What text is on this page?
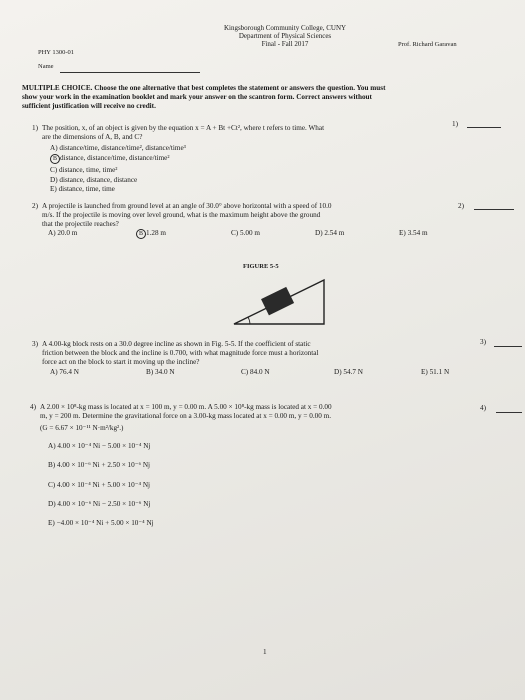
Kingsborough Community College, CUNY
Department of Physical Sciences
Final - Fall 2017
PHY 1300-01
Prof. Richard Garavan
Name
MULTIPLE CHOICE. Choose the one alternative that best completes the statement or answers the question. You must
show your work in the examination booklet and mark your answer on the scantron form. Correct answers without
sufficient justification will receive no credit.
1) The position, x, of an object is given by the equation x = A + Bt +Ct², where t refers to time. What
are the dimensions of A, B, and C?
1)
A) distance/time, distance/time², distance/time³
B distance, distance/time, distance/time²
C) distance, time, time²
D) distance, distance, distance
E) distance, time, time
2) A projectile is launched from ground level at an angle of 30.0° above horizontal with a speed of 10.0
m/s. If the projectile is moving over level ground, what is the maximum height above the ground
that the projectile reaches?
2)
A) 20.0 m	B 1.28 m	C) 5.00 m	D) 2.54 m	E) 3.54 m
FIGURE 5-5
3) A 4.00-kg block rests on a 30.0 degree incline as shown in Fig. 5-5. If the coefficient of static
friction between the block and the incline is 0.700, with what magnitude force must a horizontal
force act on the block to start it moving up the incline?
3)
A) 76.4 N	B) 34.0 N	C) 84.0 N	D) 54.7 N	E) 51.1 N
4) A 2.00 × 10⁸-kg mass is located at x = 100 m, y = 0.00 m. A 5.00 × 10⁸-kg mass is located at x = 0.00
m, y = 200 m. Determine the gravitational force on a 3.00-kg mass located at x = 0.00 m, y = 0.00 m.
(G = 6.67 × 10⁻¹¹ N·m²/kg².)
4)
A) 4.00 × 10⁻⁴ Ni − 5.00 × 10⁻⁴ Nj
B) 4.00 × 10⁻⁶ Ni + 2.50 × 10⁻⁶ Nj
C) 4.00 × 10⁻⁴ Ni + 5.00 × 10⁻⁴ Nj
D) 4.00 × 10⁻⁶ Ni − 2.50 × 10⁻⁶ Nj
E) −4.00 × 10⁻⁴ Ni + 5.00 × 10⁻⁴ Nj
1
